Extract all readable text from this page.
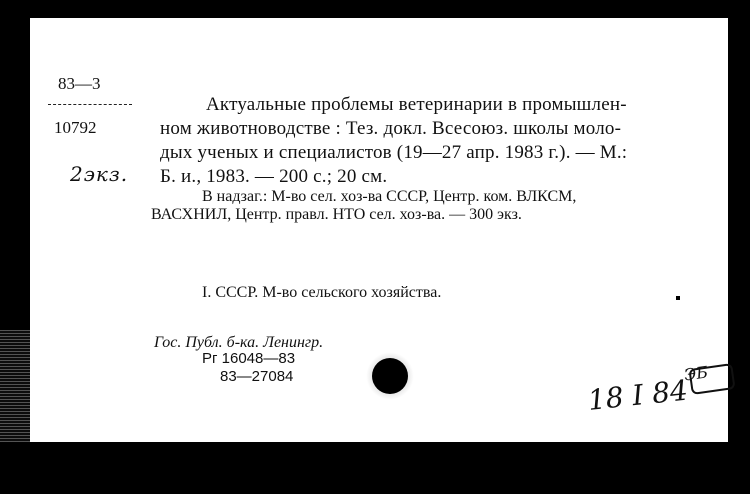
83—3
10792
2экз.
Актуальные проблемы ветеринарии в промышлен-
ном животноводстве : Тез. докл. Всесоюз. школы моло-
дых ученых и специалистов (19—27 апр. 1983 г.). — М.:
Б. и., 1983. — 200 с.; 20 см.
В надзаг.: М-во сел. хоз-ва СССР, Центр. ком. ВЛКСМ,
ВАСХНИЛ, Центр. правл. НТО сел. хоз-ва. — 300 экз.
I. СССР. М-во сельского хозяйства.
Гос. Публ. б-ка. Ленингр.
Рг 16048—83
83—27084	ЭБ
18 I 84
